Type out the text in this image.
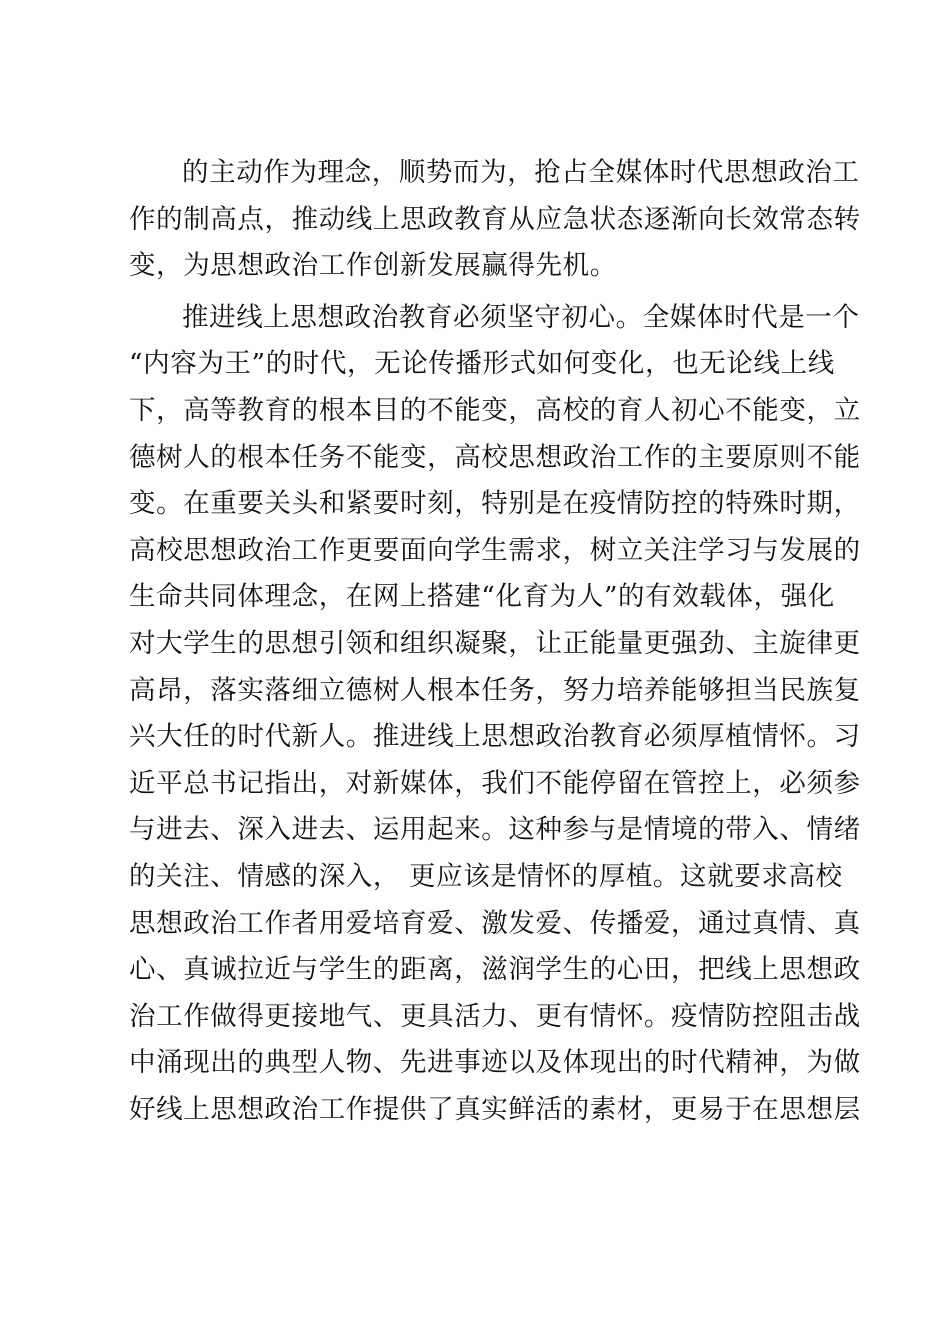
的主动作为理念，顺势而为，抢占全媒体时代思想政治工
作的制高点，推动线上思政教育从应急状态逐渐向长效常态转
变，为思想政治工作创新发展赢得先机。
推进线上思想政治教育必须坚守初心。全媒体时代是一个
“内容为王”的时代，无论传播形式如何变化，也无论线上线
下，高等教育的根本目的不能变，高校的育人初心不能变，立
德树人的根本任务不能变，高校思想政治工作的主要原则不能
变。在重要关头和紧要时刻，特别是在疫情防控的特殊时期，
高校思想政治工作更要面向学生需求，树立关注学习与发展的
生命共同体理念，在网上搭建“化育为人”的有效载体，强化
对大学生的思想引领和组织凝聚，让正能量更强劲、主旋律更
高昂，落实落细立德树人根本任务，努力培养能够担当民族复
兴大任的时代新人。推进线上思想政治教育必须厚植情怀。习
近平总书记指出，对新媒体，我们不能停留在管控上，必须参
与进去、深入进去、运用起来。这种参与是情境的带入、情绪
的关注、情感的深入， 更应该是情怀的厚植。这就要求高校
思想政治工作者用爱培育爱、激发爱、传播爱，通过真情、真
心、真诚拉近与学生的距离，滋润学生的心田，把线上思想政
治工作做得更接地气、更具活力、更有情怀。疫情防控阻击战
中涌现出的典型人物、先进事迹以及体现出的时代精神，为做
好线上思想政治工作提供了真实鲜活的素材，更易于在思想层
